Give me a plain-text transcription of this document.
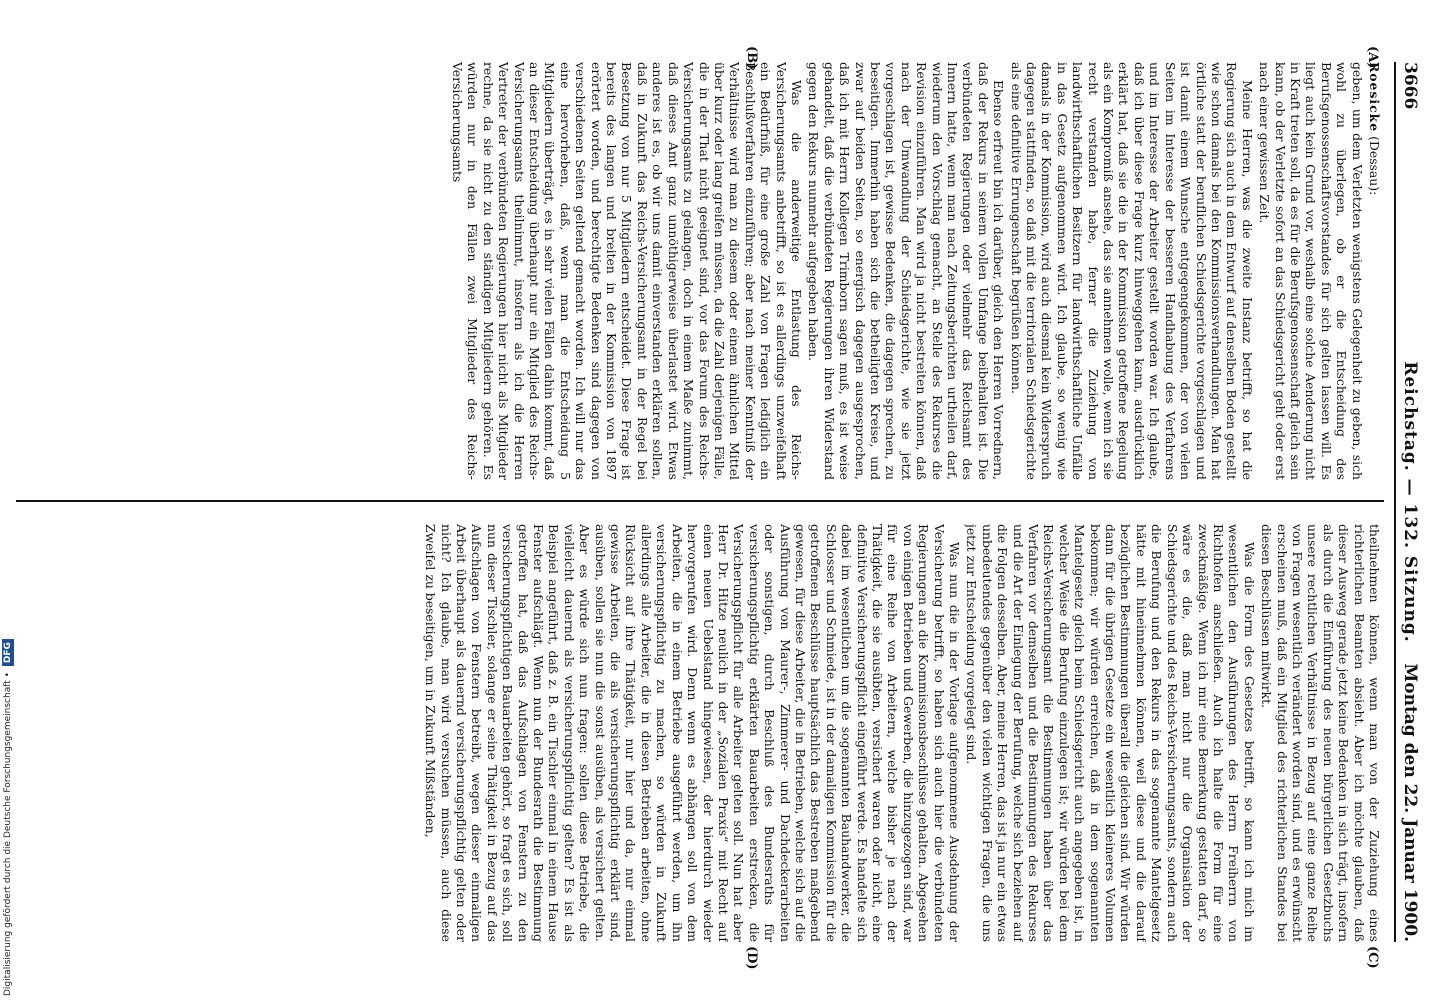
3666
Reichstag. — 132. Sitzung.
Montag den 22. Januar 1900.
(A)
(B)
(C)
(D)

Roesicke (Dessau):

geben, um dem Verletzten wenigstens Gelegenheit zu geben, sich wohl zu überlegen, ob er die Entscheidung des Berufsgenossenschaftsvorstandes für sich gelten lassen will. Es liegt auch kein Grund vor, weshalb eine solche Aenderung nicht in Kraft treten soll, da es für die Berufsgenossenschaft gleich sein kann, ob der Verletzte sofort an das Schiedsgericht geht oder erst nach einer gewissen Zeit.

Meine Herren, was die zweite Instanz betrifft, so hat die Regierung sich auch in dem Entwurf auf denselben Boden gestellt wie schon damals bei den Kommissionsverhandlungen. Man hat örtliche statt der beruflichen Schiedsgerichte vorgeschlagen und ist damit einem Wunsche entgegengekommen, der von vielen Seiten im Interesse der besseren Handhabung des Verfahrens und im Interesse der Arbeiter gestellt worden war. Ich glaube, daß ich über diese Frage kurz hinweggehen kann, ausdrücklich erklärt hat, daß sie die in der Kommission getroffene Regelung als ein Kompromiß ansehe, das sie annehmen wolle, wenn ich sie recht verstanden habe, ferner die Zuziehung von landwirthschaftlichen Besitzern für landwirthschaftliche Unfälle in das Gesetz aufgenommen wird. Ich glaube, so wenig wie damals in der Kommission, wird auch diesmal kein Widerspruch dagegen stattfinden, so daß mit die territorialen Schiedsgerichte als eine definitive Errungenschaft begrüßen können.

Ebenso erfreut bin ich darüber, gleich den Herren Vorrednern, daß der Rekurs in seinem vollen Umfange beibehalten ist. Die verbündeten Regierungen oder vielmehr das Reichsamt des Innern hatte, wenn man nach Zeitungsberichten urtheilen darf, wiederum den Vorschlag gemacht, an Stelle des Rekurses die Revision einzuführen. Man wird ja nicht bestreiten können, daß nach der Umwandlung der Schiedsgerichte, wie sie jetzt vorgeschlagen ist, gewisse Bedenken, die dagegen sprechen, zu beseitigen. Immerhin haben sich die betheiligten Kreise, und zwar auf beiden Seiten, so energisch dagegen ausgesprochen, daß ich mit Herrn Kollegen Trimborn sagen muß, es ist weise gehandelt, daß die verbündeten Regierungen ihren Widerstand gegen den Rekurs nunmehr aufgegeben haben.

Was die anderweitige Entlastung des Reichs-Versicherungsamts anbetrifft, so ist es allerdings unzweifelhaft ein Bedürfniß, für eine große Zahl von Fragen lediglich ein Beschlußverfahren einzuführen; aber nach meiner Kenntniß der Verhältnisse wird man zu diesem oder einem ähnlichen Mittel über kurz oder lang greifen müssen, da die Zahl derjenigen Fälle, die in der That nicht geeignet sind, vor das Forum des Reichs-Versicherungsamts zu gelangen, doch in einem Maße zunimmt, daß dieses Amt ganz unnöthigerweise überlastet wird. Etwas anderes ist es, ob wir uns damit einverstanden erklären sollen, daß in Zukunft das Reichs-Versicherungsamt in der Regel bei Besetzung von nur 5 Mitgliedern entscheidet. Diese Frage ist bereits des langen und breiten in der Kommission von 1897 erörtert worden, und berechtigte Bedenken sind dagegen von verschiedenen Seiten geltend gemacht worden. Ich will nur das eine hervorheben, daß, wenn man die Entscheidung 5 Mitgliedern überträgt, es in sehr vielen Fällen dahin kommt, daß an dieser Entscheidung überhaupt nur ein Mitglied des Reichs-Versicherungsamts theilnimmt, insofern als ich die Herren Vertreter der verbündeten Regierungen hier nicht als Mitglieder rechne, da sie nicht zu den ständigen Mitgliedern gehören. Es würden nur in den Fällen zwei Mitglieder des Reichs-Versicherungsamts

theilnehmen können, wenn man von der Zuziehung eines richterlichen Beamten absieht. Aber ich möchte glauben, daß dieser Ausweg gerade jetzt keine Bedenken in sich trägt, insofern als durch die Einführung des neuen bürgerlichen Gesetzbuchs unsere rechtlichen Verhältnisse in Bezug auf eine ganze Reihe von Fragen wesentlich verändert worden sind, und es erwünscht erscheinen muß, daß ein Mitglied des richterlichen Standes bei diesen Beschlüssen mitwirkt.

Was die Form des Gesetzes betrifft, so kann ich mich im wesentlichen den Ausführungen des Herrn Freiherrn von Richthofen anschließen. Auch ich halte die Form für eine zweckmäßige. Wenn ich mir eine Bemerkung gestatten darf, so wäre es die, daß man nicht nur die Organisation der Schiedsgerichte und des Reichs-Versicherungsamts, sondern auch die Berufung und den Rekurs in das sogenannte Mantelgesetz hätte mit hineinnehmen können, weil diese und die darauf bezüglichen Bestimmungen überall die gleichen sind. Wir würden dann für die übrigen Gesetze ein wesentlich kleineres Volumen bekommen; wir würden erreichen, daß in dem sogenannten Mantelgesetz gleich beim Schiedsgericht auch angegeben ist, in welcher Weise die Berufung einzulegen ist; wir würden bei dem Reichs-Versicherungsamt die Bestimmungen haben über das Verfahren vor demselben und die Bestimmungen des Rekurses und die Art der Einlegung der Berufung, welche sich beziehen auf die Folgen desselben. Aber, meine Herren, das ist ja nur ein etwas unbedeutendes gegenüber den vielen wichtigen Fragen, die uns jetzt zur Entscheidung vorgelegt sind.

Was nun die in der Vorlage aufgenommene Ausdehnung der Versicherung betrifft, so haben sich auch hier die verbündeten Regierungen an die Kommissionsbeschlüsse gehalten. Abgesehen von einigen Betrieben und Gewerben, die hinzugezogen sind, war für eine Reihe von Arbeitern, welche bisher je nach der Thätigkeit, die sie ausübten, versichert waren oder nicht, eine definitive Versicherungspflicht eingeführt werde. Es handelte sich dabei im wesentlichen um die sogenannten Bauhandwerker, die Schlosser und Schmiede, ist in der damaligen Kommission für die getroffenen Beschlüsse hauptsächlich das Bestreben maßgebend gewesen, für diese Arbeiter, die in Betrieben, welche sich auf die Ausführung von Maurer-, Zimmerer- und Dachdeckerarbeiten oder sonstigen, durch Beschluß des Bundesraths für versicherungspflichtig erklärten Bauarbeiten erstrecken, die Versicherungspflicht für alle Arbeiter gelten soll. Nun hat aber Herr Dr. Hitze neulich in der „Sozialen Praxis“ mit Recht auf einen neuen Uebelstand hingewiesen, der hierdurch wieder hervorgerufen wird. Denn wenn es abhängen soll von dem Arbeiten, die in einem Betriebe ausgeführt werden, um ihn versicherungspflichtig zu machen, so würden in Zukunft allerdings alle Arbeiter, die in diesen Betrieben arbeiten, ohne Rücksicht auf ihre Thätigkeit, nur hier und da, nur einmal gewisse Arbeiten, die als versicherungspflichtig erklärt sind, ausüben, sollen sie nun die sonst ausüben, als versichert gelten. Aber es würde sich nun fragen: sollen diese Betriebe, die vielleicht dauernd als versicherungspflichtig gelten? Es ist als Beispiel angeführt, daß z. B. ein Tischler einmal in einem Hause Fenster aufschlägt. Wenn nun der Bundesrath die Bestimmung getroffen hat, daß das Aufschlagen von Fenstern zu den versicherungspflichtigen Bauarbeiten gehört, so fragt es sich, soll nun dieser Tischler, solange er seine Thätigkeit in Bezug auf das Aufschlagen von Fenstern betreibt, wegen dieser einmaligen Arbeit überhaupt als dauernd versicherungspflichtig gelten oder nicht? Ich glaube, man wird versuchen müssen, auch diese Zweifel zu beseitigen, um in Zukunft Mißständen,

Digitalisierung gefördert durch die Deutsche Forschungsgemeinschaft •DFG
